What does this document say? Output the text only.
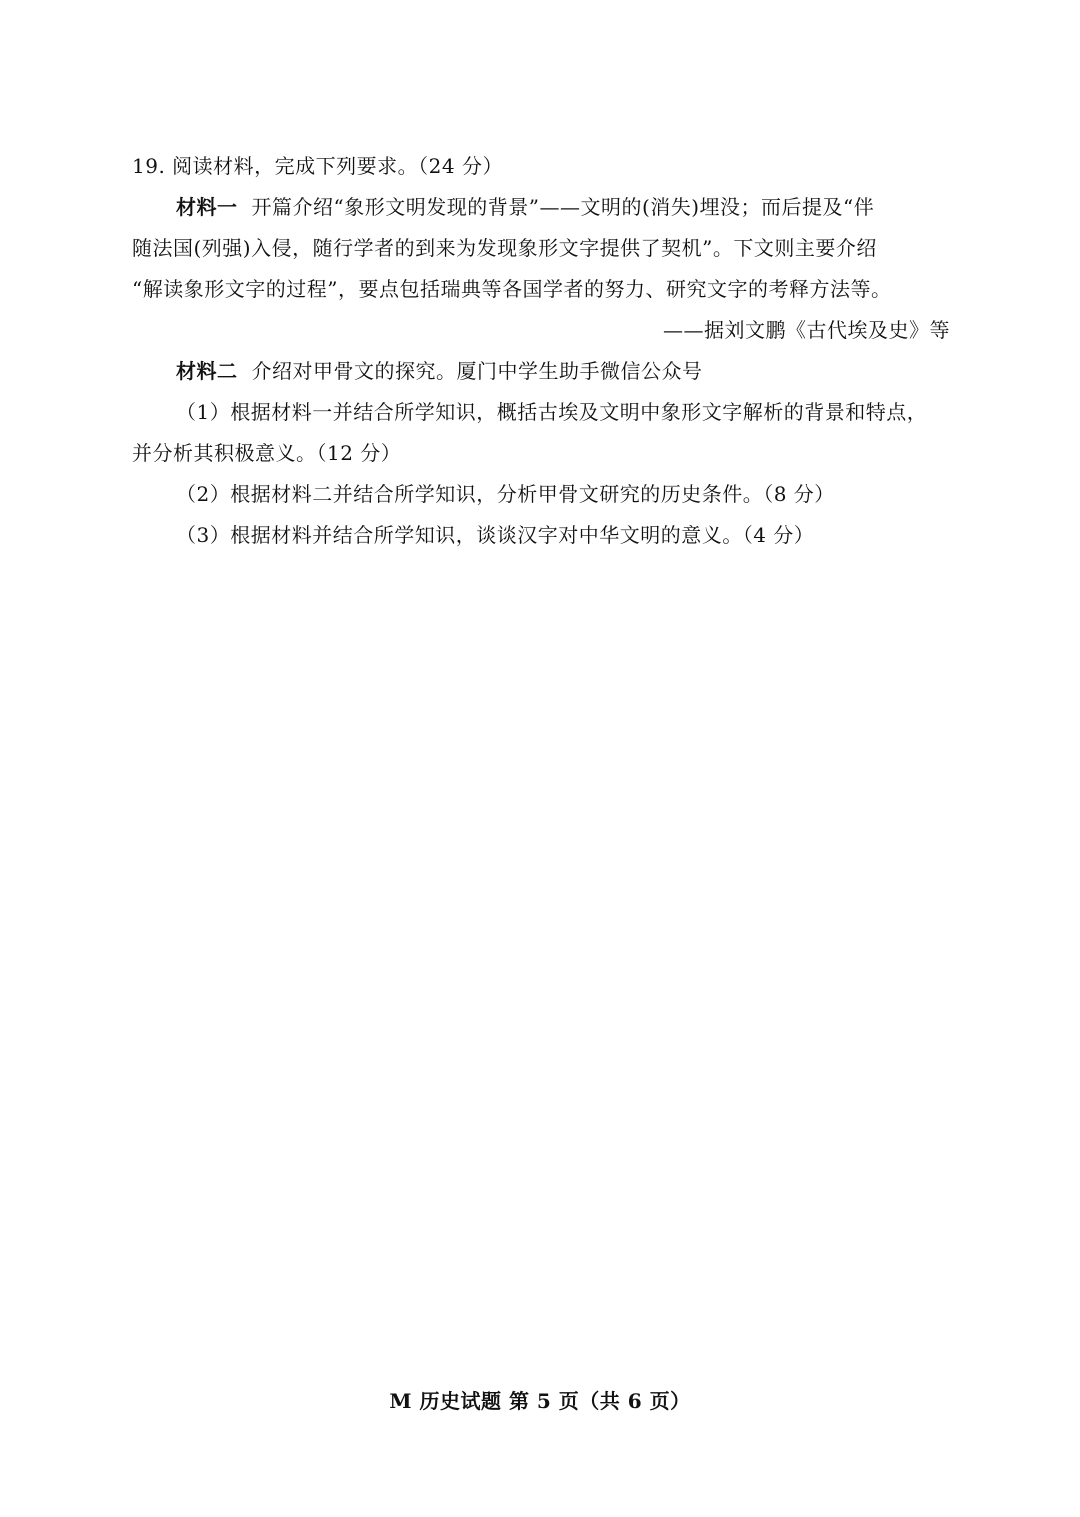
19. 阅读材料，完成下列要求。（24 分）
材料一 开篇介绍“象形文明发现的背景”——文明的(消失)埋没；而后提及“伴
随法国(列强)入侵，随行学者的到来为发现象形文字提供了契机”。下文则主要介绍
“解读象形文字的过程”，要点包括瑞典等各国学者的努力、研究文字的考释方法等。
——据刘文鹏《古代埃及史》等
材料二 介绍对甲骨文的探究。厦门中学生助手微信公众号
（1）根据材料一并结合所学知识，概括古埃及文明中象形文字解析的背景和特点，
并分析其积极意义。（12 分）
（2）根据材料二并结合所学知识，分析甲骨文研究的历史条件。（8 分）
（3）根据材料并结合所学知识，谈谈汉字对中华文明的意义。（4 分）
M 历史试题 第 5 页（共 6 页）
